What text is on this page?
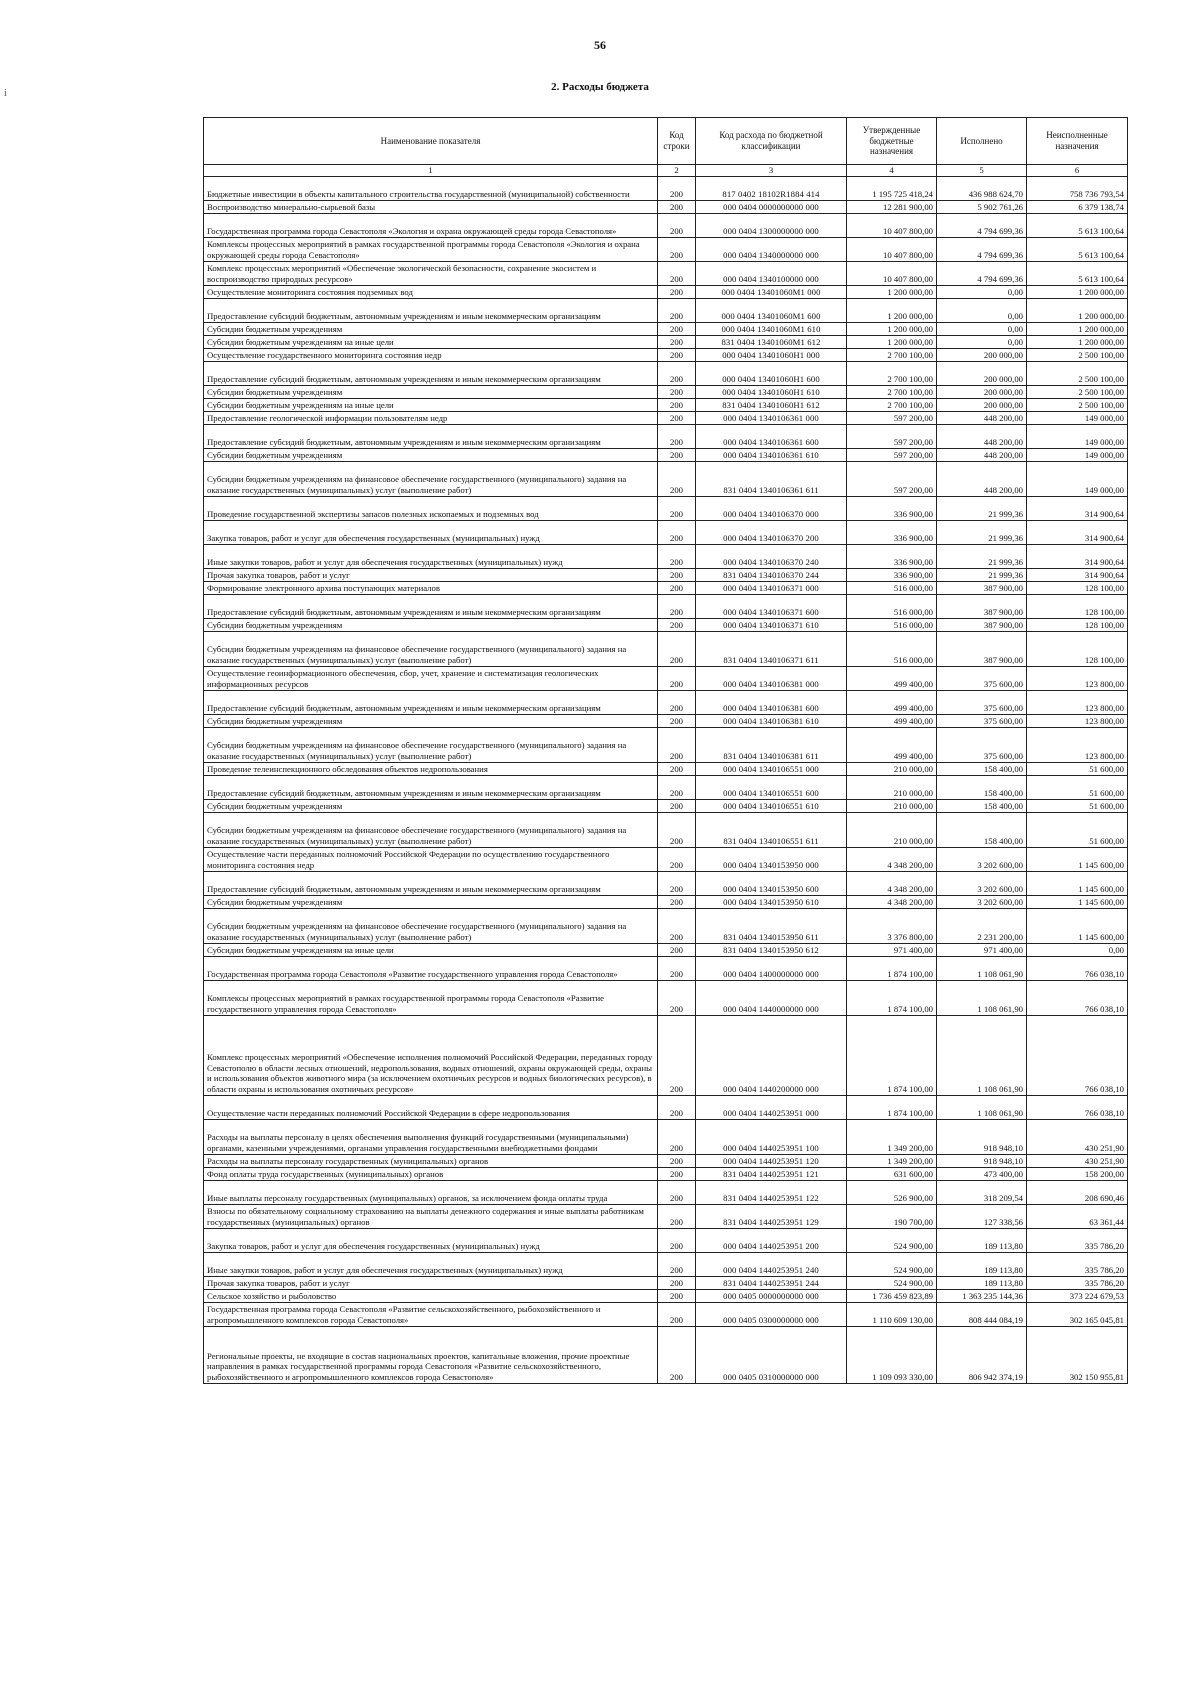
56
i
2. Расходы бюджета
Наименование показателя	Код строки	Код расхода по бюджетной классификации	Утвержденные бюджетные назначения	Исполнено	Неисполненные назначения
1	2	3	4	5	6
Бюджетные инвестиции в объекты капитального строительства государственной (муниципальной) собственности	200	817 0402 18102R1884 414	1 195 725 418,24	436 988 624,70	758 736 793,54
Воспроизводство минерально-сырьевой базы	200	000 0404 0000000000 000	12 281 900,00	5 902 761,26	6 379 138,74
Государственная программа города Севастополя «Экология и охрана окружающей среды города Севастополя»	200	000 0404 1300000000 000	10 407 800,00	4 794 699,36	5 613 100,64
Комплексы процессных мероприятий в рамках государственной программы города Севастополя «Экология и охрана окружающей среды города Севастополя»	200	000 0404 1340000000 000	10 407 800,00	4 794 699,36	5 613 100,64
Комплекс процессных мероприятий «Обеспечение экологической безопасности, сохранение экосистем и воспроизводство природных ресурсов»	200	000 0404 1340100000 000	10 407 800,00	4 794 699,36	5 613 100,64
Осуществление мониторинга состояния подземных вод	200	000 0404 13401060М1 000	1 200 000,00	0,00	1 200 000,00
Предоставление субсидий бюджетным, автономным учреждениям и иным некоммерческим организациям	200	000 0404 13401060М1 600	1 200 000,00	0,00	1 200 000,00
Субсидии бюджетным учреждениям	200	000 0404 13401060М1 610	1 200 000,00	0,00	1 200 000,00
Субсидии бюджетным учреждениям на иные цели	200	831 0404 13401060М1 612	1 200 000,00	0,00	1 200 000,00
Осуществление государственного мониторинга состояния недр	200	000 0404 13401060Н1 000	2 700 100,00	200 000,00	2 500 100,00
Предоставление субсидий бюджетным, автономным учреждениям и иным некоммерческим организациям	200	000 0404 13401060Н1 600	2 700 100,00	200 000,00	2 500 100,00
Субсидии бюджетным учреждениям	200	000 0404 13401060Н1 610	2 700 100,00	200 000,00	2 500 100,00
Субсидии бюджетным учреждениям на иные цели	200	831 0404 13401060Н1 612	2 700 100,00	200 000,00	2 500 100,00
Предоставление геологической информации пользователям недр	200	000 0404 1340106361 000	597 200,00	448 200,00	149 000,00
Предоставление субсидий бюджетным, автономным учреждениям и иным некоммерческим организациям	200	000 0404 1340106361 600	597 200,00	448 200,00	149 000,00
Субсидии бюджетным учреждениям	200	000 0404 1340106361 610	597 200,00	448 200,00	149 000,00
Субсидии бюджетным учреждениям на финансовое обеспечение государственного (муниципального) задания на оказание государственных (муниципальных) услуг (выполнение работ)	200	831 0404 1340106361 611	597 200,00	448 200,00	149 000,00
Проведение государственной экспертизы запасов полезных ископаемых и подземных вод	200	000 0404 1340106370 000	336 900,00	21 999,36	314 900,64
Закупка товаров, работ и услуг для обеспечения государственных (муниципальных) нужд	200	000 0404 1340106370 200	336 900,00	21 999,36	314 900,64
Иные закупки товаров, работ и услуг для обеспечения государственных (муниципальных) нужд	200	000 0404 1340106370 240	336 900,00	21 999,36	314 900,64
Прочая закупка товаров, работ и услуг	200	831 0404 1340106370 244	336 900,00	21 999,36	314 900,64
Формирование электронного архива поступающих материалов	200	000 0404 1340106371 000	516 000,00	387 900,00	128 100,00
Предоставление субсидий бюджетным, автономным учреждениям и иным некоммерческим организациям	200	000 0404 1340106371 600	516 000,00	387 900,00	128 100,00
Субсидии бюджетным учреждениям	200	000 0404 1340106371 610	516 000,00	387 900,00	128 100,00
Субсидии бюджетным учреждениям на финансовое обеспечение государственного (муниципального) задания на оказание государственных (муниципальных) услуг (выполнение работ)	200	831 0404 1340106371 611	516 000,00	387 900,00	128 100,00
Осуществление геоинформационного обеспечения, сбор, учет, хранение и систематизация геологических информационных ресурсов	200	000 0404 1340106381 000	499 400,00	375 600,00	123 800,00
Предоставление субсидий бюджетным, автономным учреждениям и иным некоммерческим организациям	200	000 0404 1340106381 600	499 400,00	375 600,00	123 800,00
Субсидии бюджетным учреждениям	200	000 0404 1340106381 610	499 400,00	375 600,00	123 800,00
Субсидии бюджетным учреждениям на финансовое обеспечение государственного (муниципального) задания на оказание государственных (муниципальных) услуг (выполнение работ)	200	831 0404 1340106381 611	499 400,00	375 600,00	123 800,00
Проведение телеинспекционного обследования объектов недропользования	200	000 0404 1340106551 000	210 000,00	158 400,00	51 600,00
Предоставление субсидий бюджетным, автономным учреждениям и иным некоммерческим организациям	200	000 0404 1340106551 600	210 000,00	158 400,00	51 600,00
Субсидии бюджетным учреждениям	200	000 0404 1340106551 610	210 000,00	158 400,00	51 600,00
Субсидии бюджетным учреждениям на финансовое обеспечение государственного (муниципального) задания на оказание государственных (муниципальных) услуг (выполнение работ)	200	831 0404 1340106551 611	210 000,00	158 400,00	51 600,00
Осуществление части переданных полномочий Российской Федерации по осуществлению государственного мониторинга состояния недр	200	000 0404 1340153950 000	4 348 200,00	3 202 600,00	1 145 600,00
Предоставление субсидий бюджетным, автономным учреждениям и иным некоммерческим организациям	200	000 0404 1340153950 600	4 348 200,00	3 202 600,00	1 145 600,00
Субсидии бюджетным учреждениям	200	000 0404 1340153950 610	4 348 200,00	3 202 600,00	1 145 600,00
Субсидии бюджетным учреждениям на финансовое обеспечение государственного (муниципального) задания на оказание государственных (муниципальных) услуг (выполнение работ)	200	831 0404 1340153950 611	3 376 800,00	2 231 200,00	1 145 600,00
Субсидии бюджетным учреждениям на иные цели	200	831 0404 1340153950 612	971 400,00	971 400,00	0,00
Государственная программа города Севастополя «Развитие государственного управления города Севастополя»	200	000 0404 1400000000 000	1 874 100,00	1 108 061,90	766 038,10
Комплексы процессных мероприятий в рамках государственной программы города Севастополя «Развитие государственного управления города Севастополя»	200	000 0404 1440000000 000	1 874 100,00	1 108 061,90	766 038,10
Комплекс процессных мероприятий «Обеспечение исполнения полномочий Российской Федерации, переданных городу Севастополю в области лесных отношений, недропользования, водных отношений, охраны окружающей среды, охраны и использования объектов животного мира (за исключением охотничьих ресурсов и водных биологических ресурсов), в области охраны и использования охотничьих ресурсов»	200	000 0404 1440200000 000	1 874 100,00	1 108 061,90	766 038,10
Осуществление части переданных полномочий Российской Федерации в сфере недропользования	200	000 0404 1440253951 000	1 874 100,00	1 108 061,90	766 038,10
Расходы на выплаты персоналу в целях обеспечения выполнения функций государственными (муниципальными) органами, казенными учреждениями, органами управления государственными внебюджетными фондами	200	000 0404 1440253951 100	1 349 200,00	918 948,10	430 251,90
Расходы на выплаты персоналу государственных (муниципальных) органов	200	000 0404 1440253951 120	1 349 200,00	918 948,10	430 251,90
Фонд оплаты труда государственных (муниципальных) органов	200	831 0404 1440253951 121	631 600,00	473 400,00	158 200,00
Иные выплаты персоналу государственных (муниципальных) органов, за исключением фонда оплаты труда	200	831 0404 1440253951 122	526 900,00	318 209,54	208 690,46
Взносы по обязательному социальному страхованию на выплаты денежного содержания и иные выплаты работникам государственных (муниципальных) органов	200	831 0404 1440253951 129	190 700,00	127 338,56	63 361,44
Закупка товаров, работ и услуг для обеспечения государственных (муниципальных) нужд	200	000 0404 1440253951 200	524 900,00	189 113,80	335 786,20
Иные закупки товаров, работ и услуг для обеспечения государственных (муниципальных) нужд	200	000 0404 1440253951 240	524 900,00	189 113,80	335 786,20
Прочая закупка товаров, работ и услуг	200	831 0404 1440253951 244	524 900,00	189 113,80	335 786,20
Сельское хозяйство и рыболовство	200	000 0405 0000000000 000	1 736 459 823,89	1 363 235 144,36	373 224 679,53
Государственная программа города Севастополя «Развитие сельскохозяйственного, рыбохозяйственного и агропромышленного комплексов города Севастополя»	200	000 0405 0300000000 000	1 110 609 130,00	808 444 084,19	302 165 045,81
Региональные проекты, не входящие в состав национальных проектов, капитальные вложения, прочие проектные направления в рамках государственной программы города Севастополя «Развитие сельскохозяйственного, рыбохозяйственного и агропромышленного комплексов города Севастополя»	200	000 0405 0310000000 000	1 109 093 330,00	806 942 374,19	302 150 955,81
